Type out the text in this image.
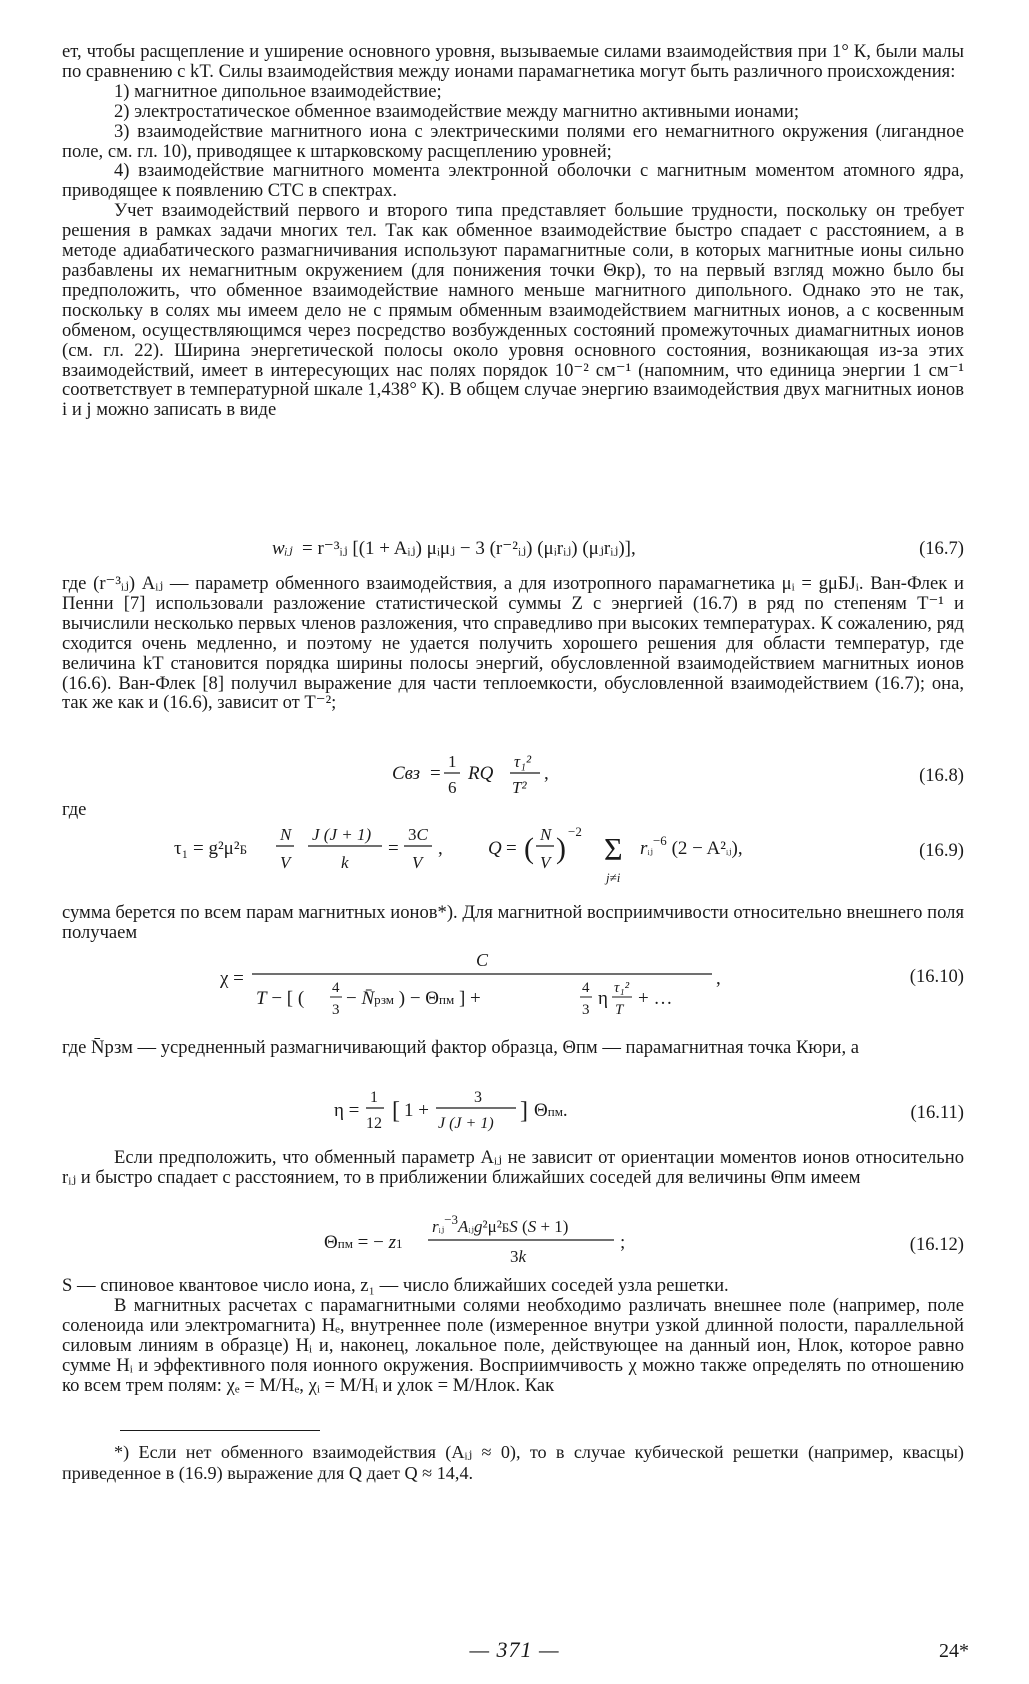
ет, чтобы расщепление и уширение основного уровня, вызываемые силами взаимодействия при 1° К, были малы по сравнению с kT. Силы взаимодействия между ионами парамагнетика могут быть различного происхождения:

1) магнитное дипольное взаимодействие;

2) электростатическое обменное взаимодействие между магнитно активными ионами;

3) взаимодействие магнитного иона с электрическими полями его немагнитного окружения (лигандное поле, см. гл. 10), приводящее к штарковскому расщеплению уровней;

4) взаимодействие магнитного момента электронной оболочки с магнитным моментом атомного ядра, приводящее к появлению СТС в спектрах.

Учет взаимодействий первого и второго типа представляет большие трудности, поскольку он требует решения в рамках задачи многих тел. Так как обменное взаимодействие быстро спадает с расстоянием, а в методе адиабатического размагничивания используют парамагнитные соли, в которых магнитные ионы сильно разбавлены их немагнитным окружением (для понижения точки Θкр), то на первый взгляд можно было бы предположить, что обменное взаимодействие намного меньше магнитного дипольного. Однако это не так, поскольку в солях мы имеем дело не с прямым обменным взаимодействием магнитных ионов, а с косвенным обменом, осуществляющимся через посредство возбужденных состояний промежуточных диамагнитных ионов (см. гл. 22). Ширина энергетической полосы около уровня основного состояния, возникающая из-за этих взаимодействий, имеет в интересующих нас полях порядок 10⁻² см⁻¹ (напомним, что единица энергии 1 см⁻¹ соответствует в температурной шкале 1,438° К). В общем случае энергию взаимодействия двух магнитных ионов i и j можно записать в виде

wᵢⱼ = r⁻³ᵢⱼ [(1 + Aᵢⱼ) μᵢμⱼ − 3 (r⁻²ᵢⱼ) (μᵢrᵢⱼ) (μⱼrᵢⱼ)],	(16.7)

где (r⁻³ᵢⱼ) Aᵢⱼ — параметр обменного взаимодействия, а для изотропного парамагнетика μᵢ = gμБJᵢ. Ван-Флек и Пенни [7] использовали разложение статистической суммы Z с энергией (16.7) в ряд по степеням T⁻¹ и вычислили несколько первых членов разложения, что справедливо при высоких температурах. К сожалению, ряд сходится очень медленно, и поэтому не удается получить хорошего решения для области температур, где величина kT становится порядка ширины полосы энергий, обусловленной взаимодействием магнитных ионов (16.6). Ван-Флек [8] получил выражение для части теплоемкости, обусловленной взаимодействием (16.7); она, так же как и (16.6), зависит от T⁻²;

Cвз =
1
6
RQ
τ₁²
T²
,	(16.8)

где

τ₁ = g²μ²Б
N
V
J (J + 1)
k
=
3C
V
, Q = ( N
V )
−2 Σ
j≠i
rᵢⱼ$^{-6}$ (2 − A²ᵢⱼ),	(16.9)

сумма берется по всем парам магнитных ионов*). Для магнитной восприимчивости относительно внешнего поля получаем

χ =
C
T − [ ( 4
3
− N̄рзм ) − Θпм ] +	4
3
η τ₁²
T
+ …
,	(16.10)

где N̄рзм — усредненный размагничивающий фактор образца, Θпм — парамагнитная точка Кюри, а

η =
1
12 [ 1 +
3
J (J + 1) ] Θпм.	(16.11)

Если предположить, что обменный параметр Aᵢⱼ не зависит от ориентации моментов ионов относительно rᵢⱼ и быстро спадает с расстоянием, то в приближении ближайших соседей для величины Θпм имеем

Θпм = − z1
rᵢⱼ$^{-3}$Aᵢⱼg²μ²БS (S + 1)
3k
;	(16.12)

S — спиновое квантовое число иона, z₁ — число ближайших соседей узла решетки.

В магнитных расчетах с парамагнитными солями необходимо различать внешнее поле (например, поле соленоида или электромагнита) Hₑ, внутреннее поле (измеренное внутри узкой длинной полости, параллельной силовым линиям в образце) Hᵢ и, наконец, локальное поле, действующее на данный ион, Hлок, которое равно сумме Hᵢ и эффективного поля ионного окружения. Восприимчивость χ можно также определять по отношению ко всем трем полям: χₑ = M/Hₑ, χᵢ = M/Hᵢ и χлок = M/Hлок. Как

*) Если нет обменного взаимодействия (Aᵢⱼ ≈ 0), то в случае кубической решетки (например, квасцы) приведенное в (16.9) выражение для Q дает Q ≈ 14,4.

— 371 —	24*
